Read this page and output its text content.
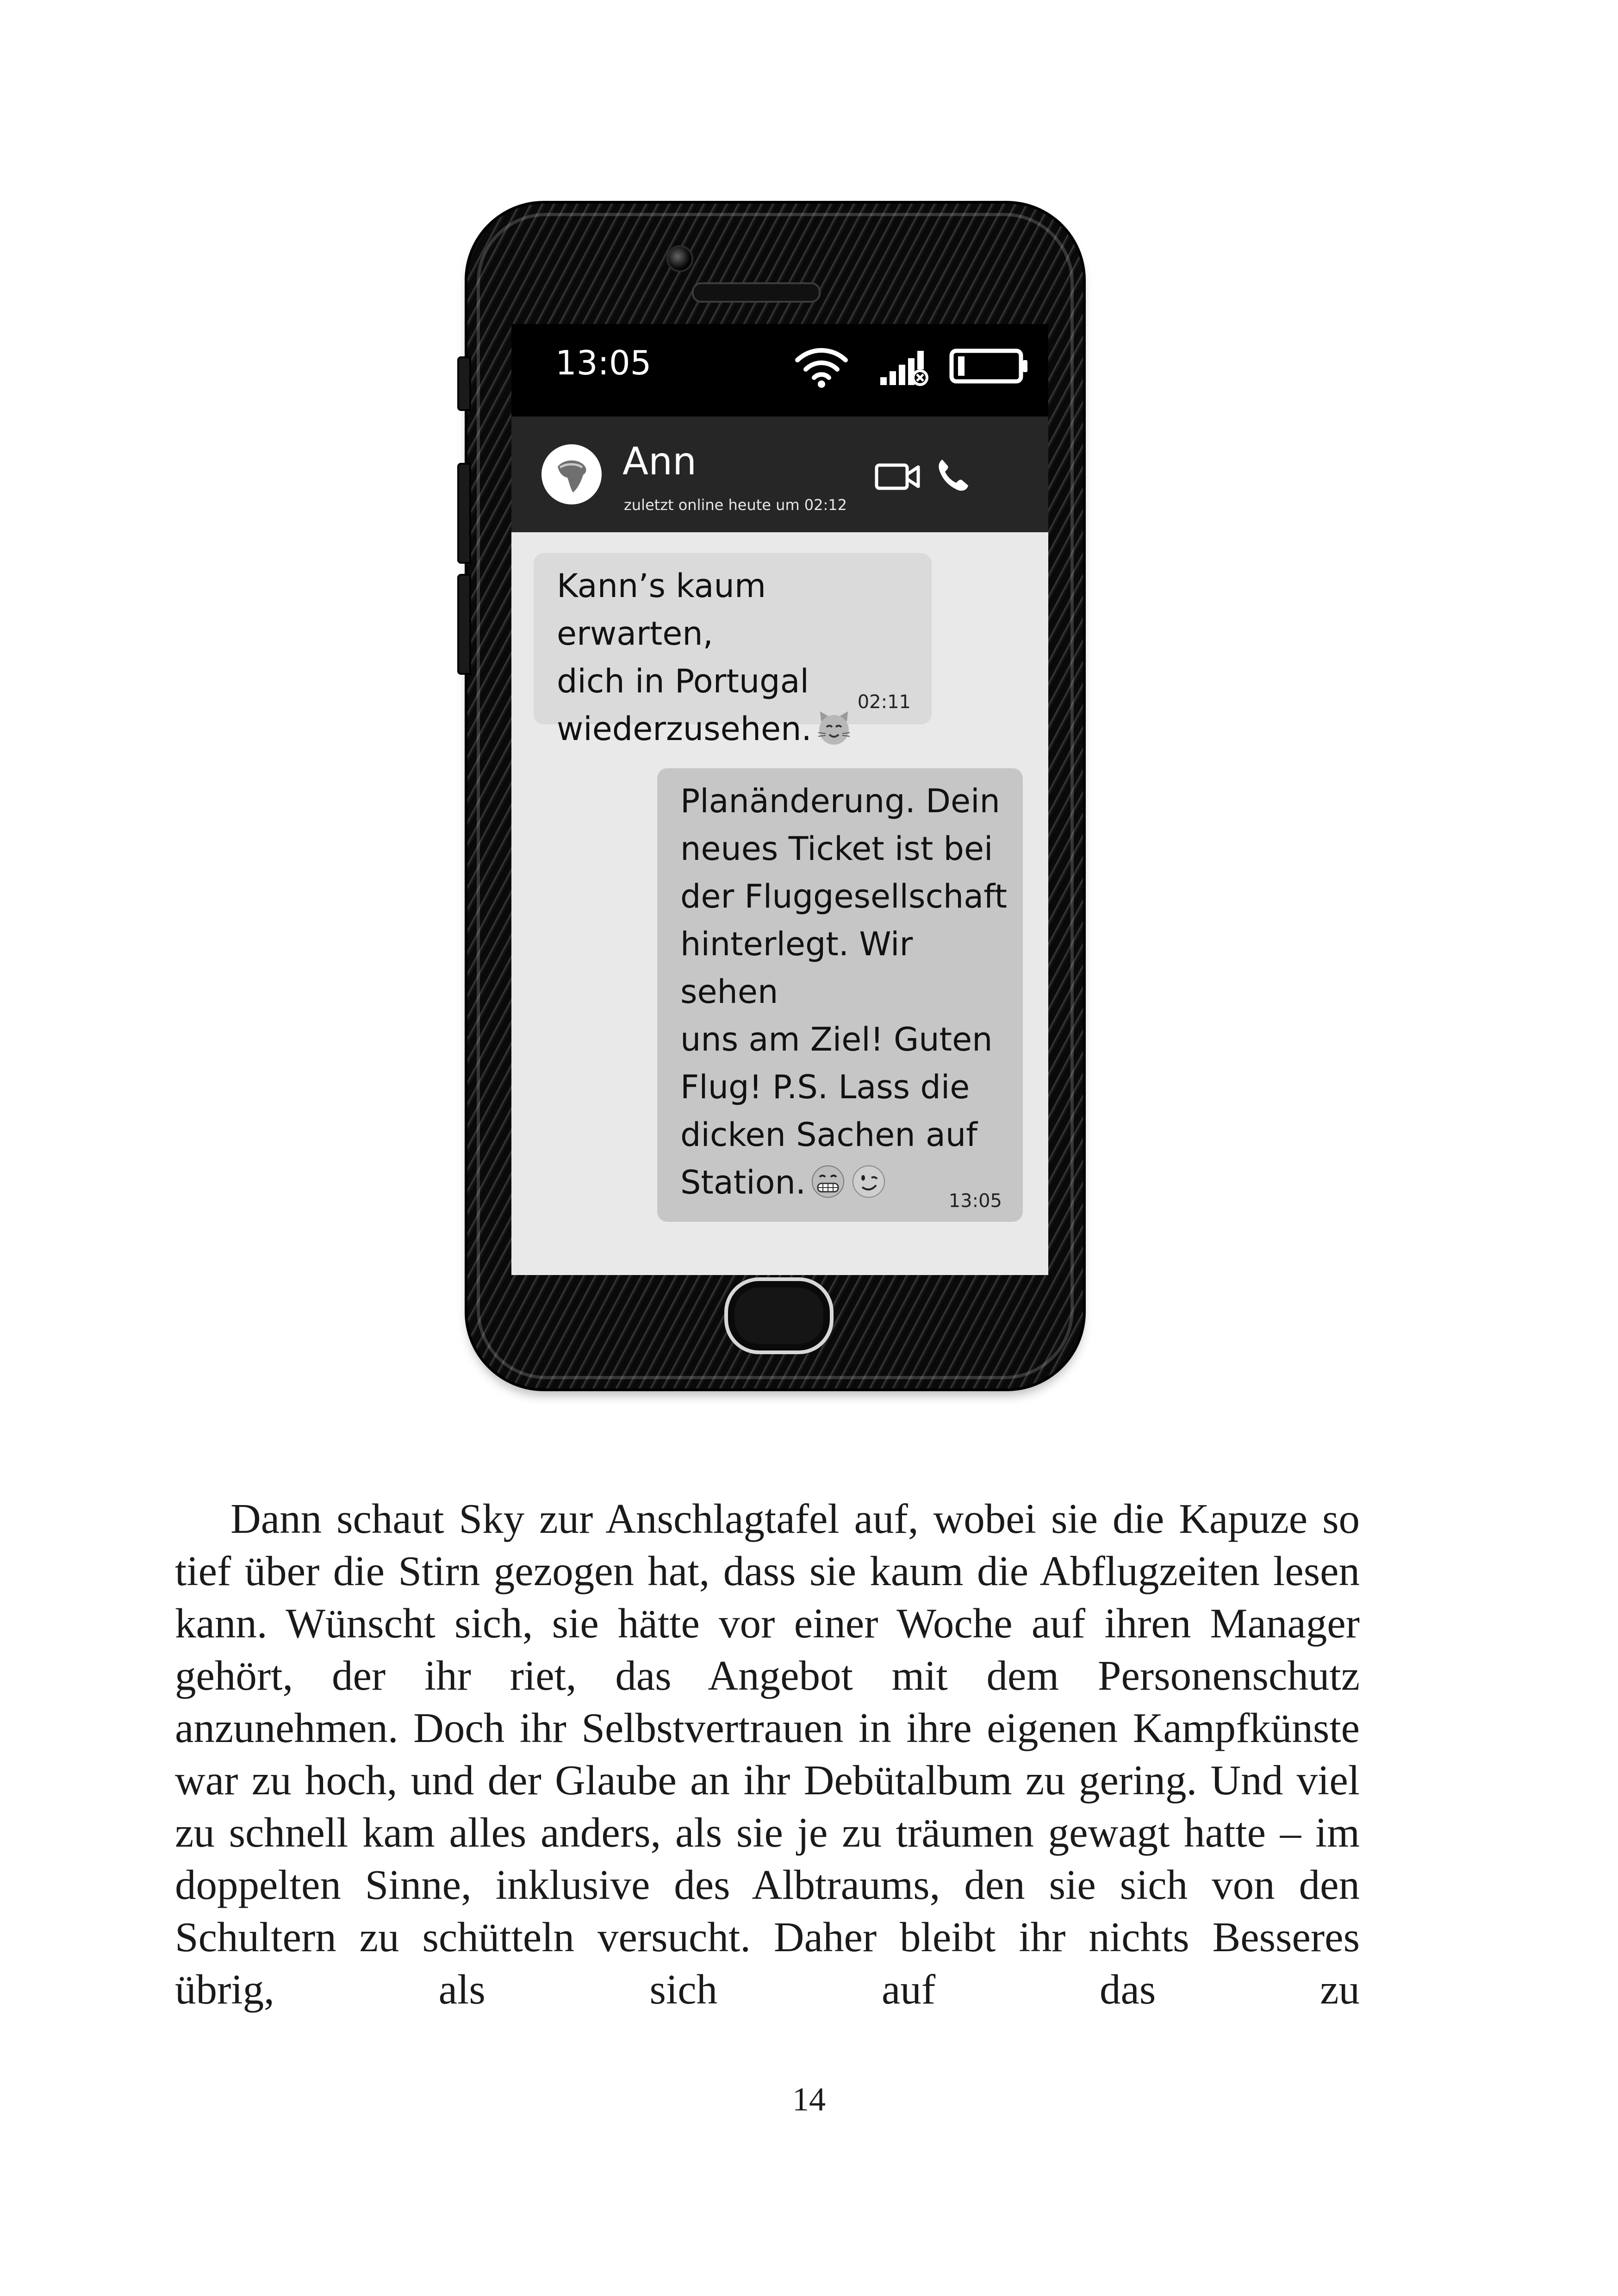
13:05
Ann
zuletzt online heute um 02:12
Kann’s kaum erwarten,
dich in Portugal
wiederzusehen.
02:11
Planänderung. Dein
neues Ticket ist bei
der Fluggesellschaft
hinterlegt. Wir sehen
uns am Ziel! Guten
Flug! P.S. Lass die
dicken Sachen auf
Station.	13:05

Dann schaut Sky zur Anschlagtafel auf, wobei sie die Kapuze so tief über die Stirn gezogen hat, dass sie kaum die Abflugzeiten lesen kann. Wünscht sich, sie hätte vor einer Woche auf ihren Manager gehört, der ihr riet, das Angebot mit dem Personenschutz anzunehmen. Doch ihr Selbstvertrauen in ihre eigenen Kampfkünste war zu hoch, und der Glaube an ihr Debütalbum zu gering. Und viel zu schnell kam alles anders, als sie je zu träumen gewagt hatte – im doppelten Sinne, inklusive des Albtraums, den sie sich von den Schultern zu schütteln versucht. Daher bleibt ihr nichts Besseres übrig, als sich auf das zu

14
